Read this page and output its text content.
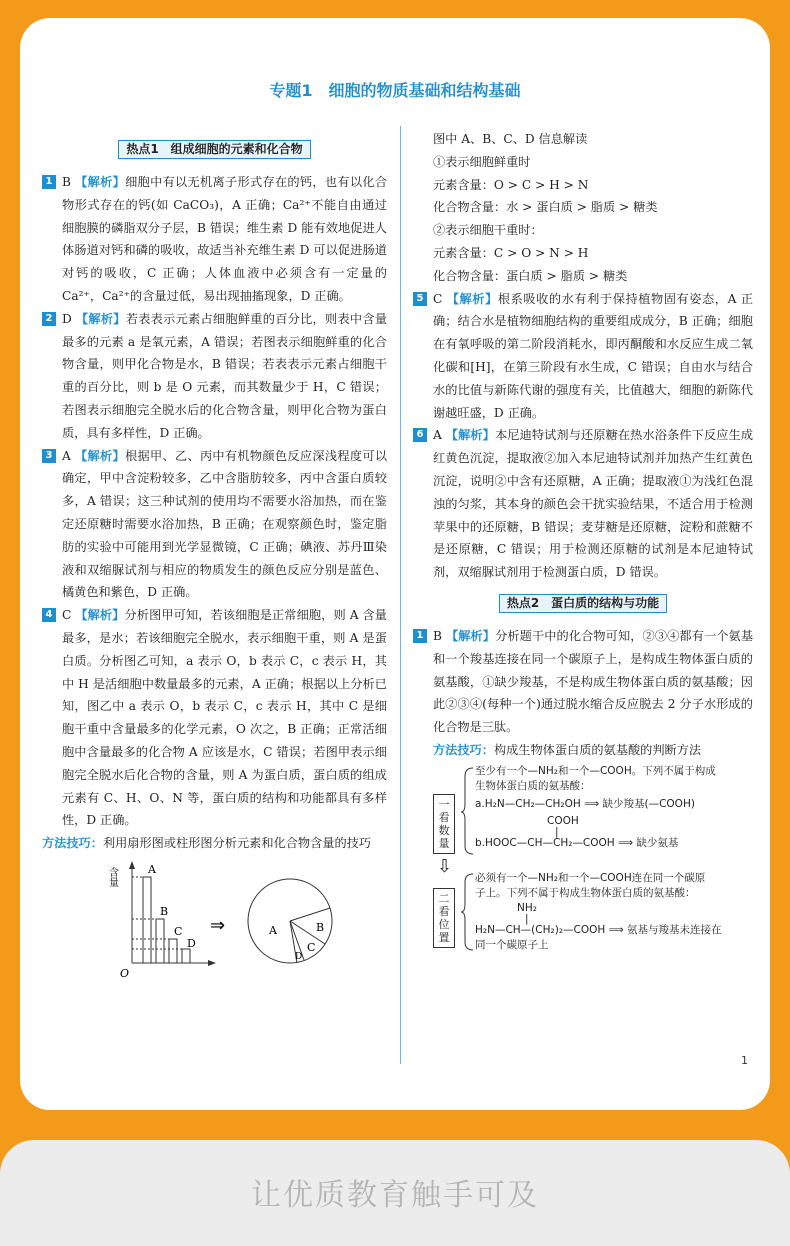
专题1　细胞的物质基础和结构基础
热点1　组成细胞的元素和化合物
1 B 【解析】细胞中有以无机离子形式存在的钙，也有以化合物形式存在的钙(如 CaCO₃)，A 正确；Ca²⁺不能自由通过细胞膜的磷脂双分子层，B 错误；维生素 D 能有效地促进人体肠道对钙和磷的吸收，故适当补充维生素 D 可以促进肠道对钙的吸收，C 正确；人体血液中必须含有一定量的 Ca²⁺，Ca²⁺的含量过低，易出现抽搐现象，D 正确。
2 D 【解析】若表表示元素占细胞鲜重的百分比，则表中含量最多的元素 a 是氧元素，A 错误；若图表示细胞鲜重的化合物含量，则甲化合物是水，B 错误；若表表示元素占细胞干重的百分比，则 b 是 O 元素，而其数量少于 H，C 错误；若图表示细胞完全脱水后的化合物含量，则甲化合物为蛋白质，具有多样性，D 正确。
3 A 【解析】根据甲、乙、丙中有机物颜色反应深浅程度可以确定，甲中含淀粉较多，乙中含脂肪较多，丙中含蛋白质较多，A 错误；这三种试剂的使用均不需要水浴加热，而在鉴定还原糖时需要水浴加热，B 正确；在观察颜色时，鉴定脂肪的实验中可能用到光学显微镜，C 正确；碘液、苏丹Ⅲ染液和双缩脲试剂与相应的物质发生的颜色反应分别是蓝色、橘黄色和紫色，D 正确。
4 C 【解析】分析图甲可知，若该细胞是正常细胞，则 A 含量最多，是水；若该细胞完全脱水，表示细胞干重，则 A 是蛋白质。分析图乙可知，a 表示 O，b 表示 C，c 表示 H，其中 H 是活细胞中数量最多的元素，A 正确；根据以上分析已知，图乙中 a 表示 O，b 表示 C，c 表示 H，其中 C 是细胞干重中含量最多的化学元素，O 次之，B 正确；正常活细胞中含量最多的化合物 A 应该是水，C 错误；若图甲表示细胞完全脱水后化合物的含量，则 A 为蛋白质，蛋白质的组成元素有 C、H、O、N 等，蛋白质的结构和功能都具有多样性，D 正确。
方法技巧：利用扇形图或柱形图分析元素和化合物含量的技巧
含量	A
B
C
D
O
⇒	A	B
C
D
图中 A、B、C、D 信息解读
①表示细胞鲜重时
元素含量：O > C > H > N
化合物含量：水 > 蛋白质 > 脂质 > 糖类
②表示细胞干重时：
元素含量：C > O > N > H
化合物含量：蛋白质 > 脂质 > 糖类
5 C 【解析】根系吸收的水有利于保持植物固有姿态，A 正确；结合水是植物细胞结构的重要组成成分，B 正确；细胞在有氧呼吸的第二阶段消耗水，即丙酮酸和水反应生成二氧化碳和[H]，在第三阶段有水生成，C 错误；自由水与结合水的比值与新陈代谢的强度有关，比值越大，细胞的新陈代谢越旺盛，D 正确。
6 A 【解析】本尼迪特试剂与还原糖在热水浴条件下反应生成红黄色沉淀，提取液②加入本尼迪特试剂并加热产生红黄色沉淀，说明②中含有还原糖，A 正确；提取液①为浅红色混浊的匀浆，其本身的颜色会干扰实验结果，不适合用于检测苹果中的还原糖，B 错误；麦芽糖是还原糖，淀粉和蔗糖不是还原糖，C 错误；用于检测还原糖的试剂是本尼迪特试剂，双缩脲试剂用于检测蛋白质，D 错误。
热点2　蛋白质的结构与功能
1 B 【解析】分析题干中的化合物可知，②③④都有一个氨基和一个羧基连接在同一个碳原子上，是构成生物体蛋白质的氨基酸，①缺少羧基，不是构成生物体蛋白质的氨基酸；因此②③④(每种一个)通过脱水缩合反应脱去 2 分子水形成的化合物是三肽。
方法技巧：构成生物体蛋白质的氨基酸的判断方法
一看数量
⇩
二看位置
至少有一个—NH₂和一个—COOH。下列不属于构成
生物体蛋白质的氨基酸：
a.H₂N—CH₂—CH₂OH ⟹ 缺少羧基(—COOH)
COOH
|
b.HOOC—CH—CH₂—COOH ⟹ 缺少氨基
必须有一个—NH₂和一个—COOH连在同一个碳原
子上。下列不属于构成生物体蛋白质的氨基酸：
NH₂
|
H₂N—CH—(CH₂)₂—COOH ⟹ 氨基与羧基未连接在
同一个碳原子上
1
让优质教育触手可及
